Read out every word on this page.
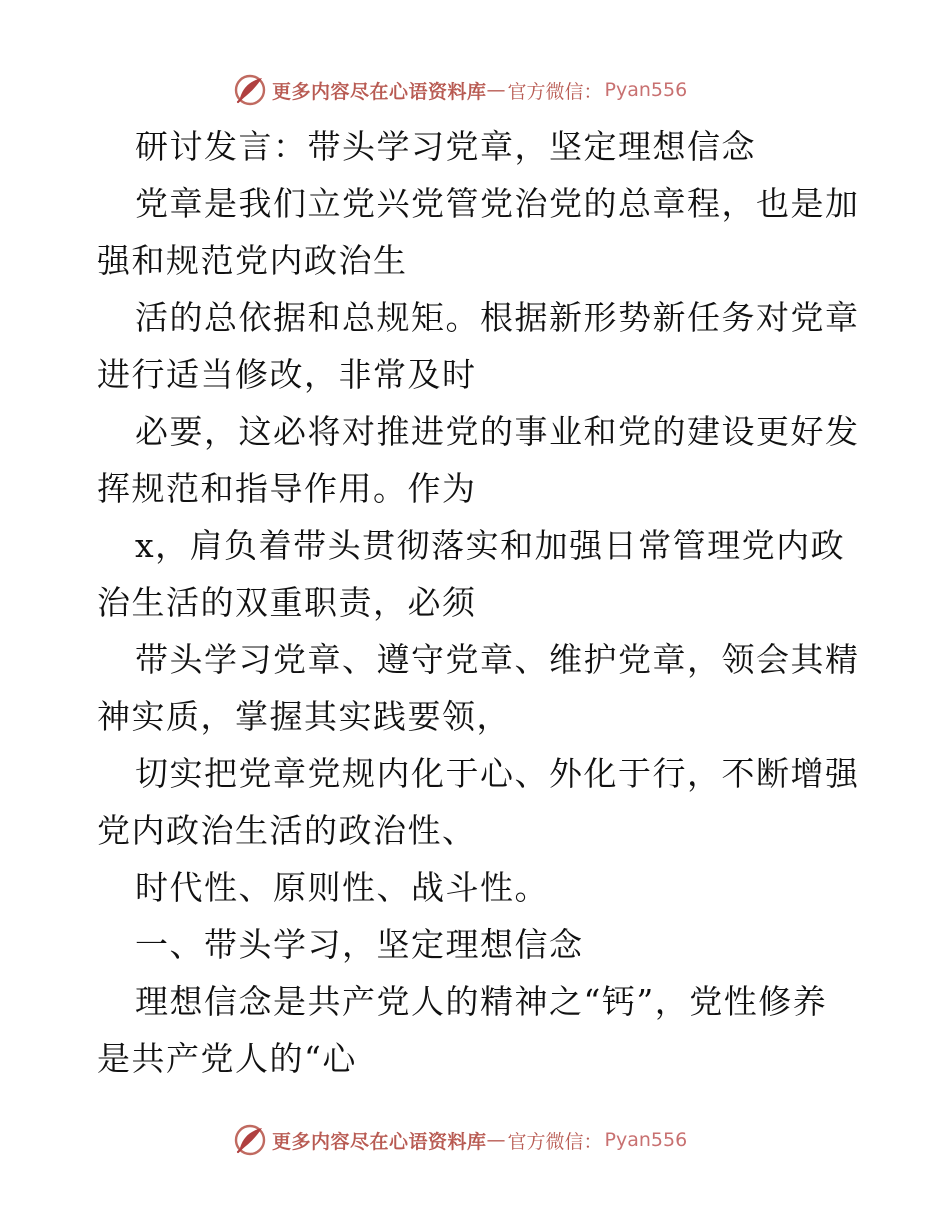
更多内容尽在心语资料库 — 官方微信： Pyan556

研讨发言：带头学习党章，坚定理想信念

党章是我们立党兴党管党治党的总章程，也是加

强和规范党内政治生

活的总依据和总规矩。根据新形势新任务对党章

进行适当修改，非常及时

必要，这必将对推进党的事业和党的建设更好发

挥规范和指导作用。作为

x，肩负着带头贯彻落实和加强日常管理党内政

治生活的双重职责，必须

带头学习党章、遵守党章、维护党章，领会其精

神实质，掌握其实践要领，

切实把党章党规内化于心、外化于行，不断增强

党内政治生活的政治性、

时代性、原则性、战斗性。

一、带头学习，坚定理想信念

理想信念是共产党人的精神之“钙”，党性修养

是共产党人的“心

更多内容尽在心语资料库 — 官方微信： Pyan556
